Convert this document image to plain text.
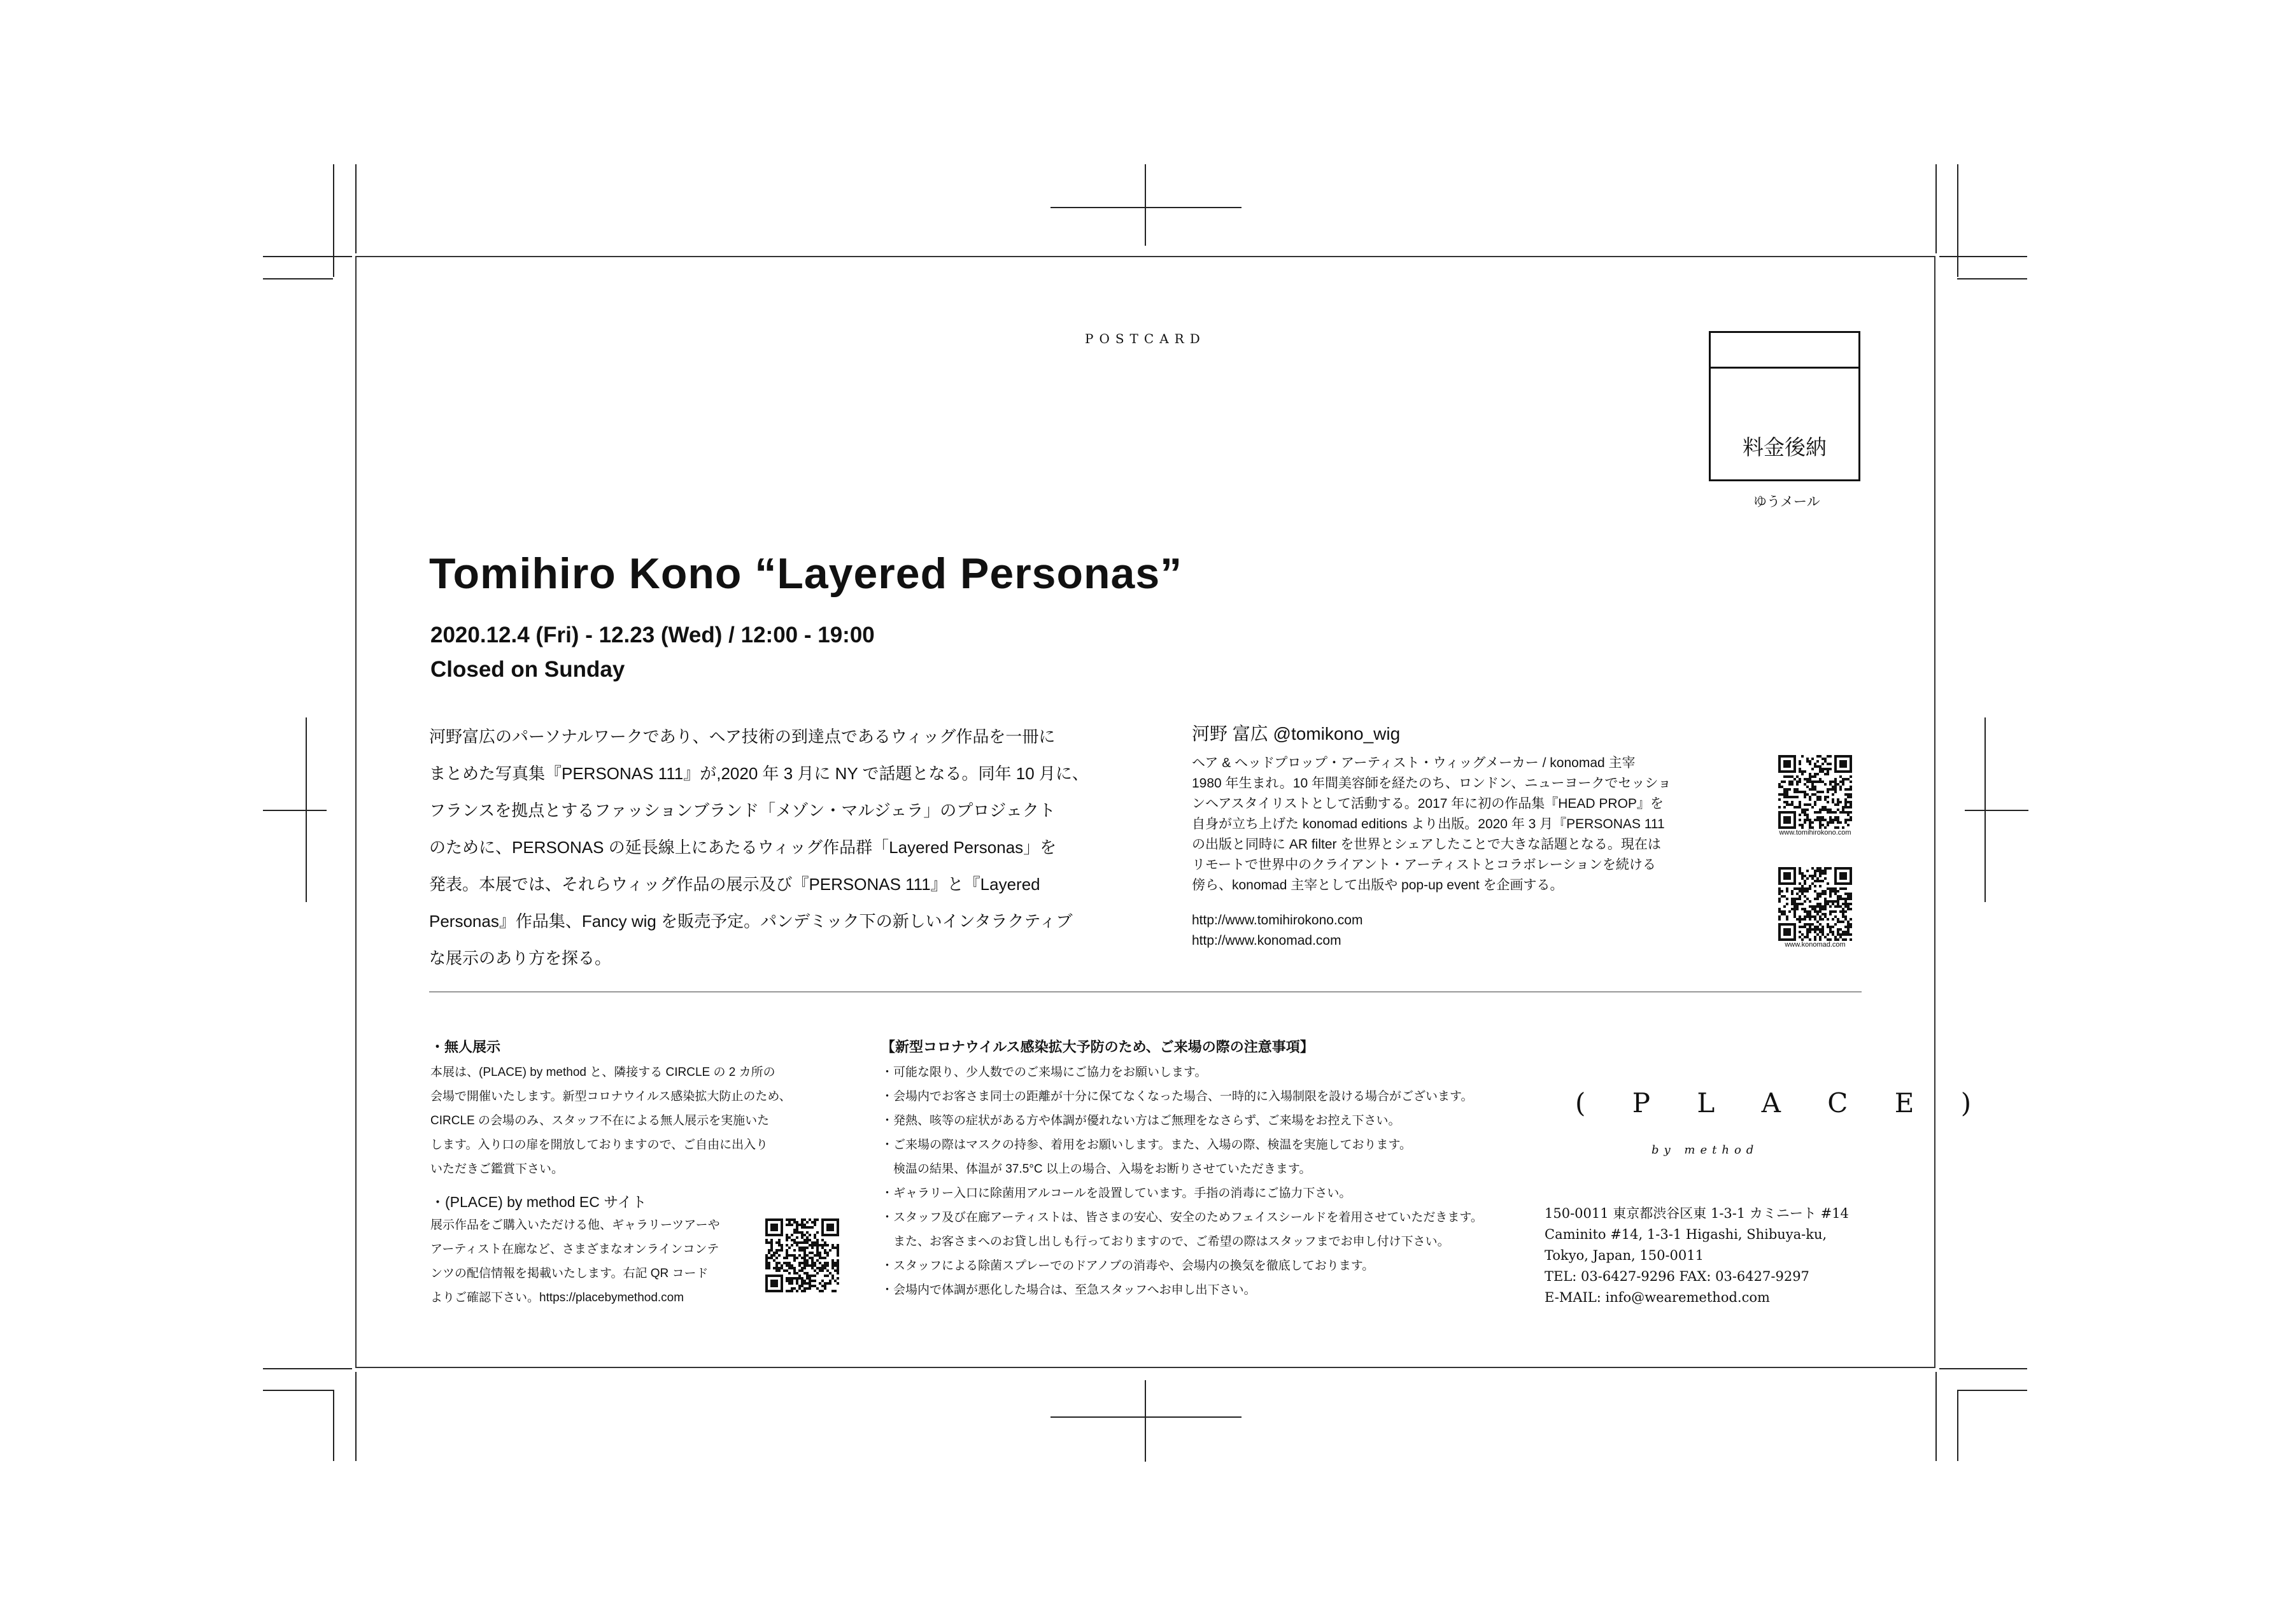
POSTCARD
料金後納
ゆうメール
Tomihiro Kono “Layered Personas”
2020.12.4 (Fri) - 12.23 (Wed) / 12:00 - 19:00
Closed on Sunday

河野富広のパーソナルワークであり、ヘア技術の到達点であるウィッグ作品を一冊に

まとめた写真集『PERSONAS 111』が,2020 年 3 月に NY で話題となる。同年 10 月に、

フランスを拠点とするファッションブランド「メゾン・マルジェラ」のプロジェクト

のために、PERSONAS の延長線上にあたるウィッグ作品群「Layered Personas」を

発表。本展では、それらウィッグ作品の展示及び『PERSONAS 111』と『Layered

Personas』作品集、Fancy wig を販売予定。パンデミック下の新しいインタラクティブ

な展示のあり方を探る。

河野 富広 @tomikono_wig

ヘア & ヘッドプロップ・アーティスト・ウィッグメーカー / konomad 主宰

1980 年生まれ。10 年間美容師を経たのち、ロンドン、ニューヨークでセッショ

ンヘアスタイリストとして活動する。2017 年に初の作品集『HEAD PROP』を

自身が立ち上げた konomad editions より出版。2020 年 3 月『PERSONAS 111

の出版と同時に AR filter を世界とシェアしたことで大きな話題となる。現在は

リモートで世界中のクライアント・アーティストとコラボレーションを続ける

傍ら、konomad 主宰として出版や pop-up event を企画する。

http://www.tomihirokono.com

http://www.konomad.com

www.tomihirokono.com
www.konomad.com
・無人展示

本展は、(PLACE) by method と、隣接する CIRCLE の 2 カ所の

会場で開催いたします。新型コロナウイルス感染拡大防止のため、

CIRCLE の会場のみ、スタッフ不在による無人展示を実施いた

します。入り口の扉を開放しておりますので、ご自由に出入り

いただきご鑑賞下さい。

・(PLACE) by method EC サイト

展示作品をご購入いただける他、ギャラリーツアーや

アーティスト在廊など、さまざまなオンラインコンテ

ンツの配信情報を掲載いたします。右記 QR コード

よりご確認下さい。https://placebymethod.com

【新型コロナウイルス感染拡大予防のため、ご来場の際の注意事項】

・可能な限り、少人数でのご来場にご協力をお願いします。

・会場内でお客さま同士の距離が十分に保てなくなった場合、一時的に入場制限を設ける場合がございます。

・発熱、咳等の症状がある方や体調が優れない方はご無理をなさらず、ご来場をお控え下さい。

・ご来場の際はマスクの持参、着用をお願いします。また、入場の際、検温を実施しております。

　検温の結果、体温が 37.5°C 以上の場合、入場をお断りさせていただきます。

・ギャラリー入口に除菌用アルコールを設置しています。手指の消毒にご協力下さい。

・スタッフ及び在廊アーティストは、皆さまの安心、安全のためフェイスシールドを着用させていただきます。

　また、お客さまへのお貸し出しも行っておりますので、ご希望の際はスタッフまでお申し付け下さい。

・スタッフによる除菌スプレーでのドアノブの消毒や、会場内の換気を徹底しております。

・会場内で体調が悪化した場合は、至急スタッフへお申し出下さい。

( P L A C E )
by method

150-0011 東京都渋谷区東 1-3-1 カミニート #14

Caminito #14, 1-3-1 Higashi, Shibuya-ku,

Tokyo, Japan, 150-0011

TEL: 03-6427-9296 FAX: 03-6427-9297

E-MAIL: info@wearemethod.com
